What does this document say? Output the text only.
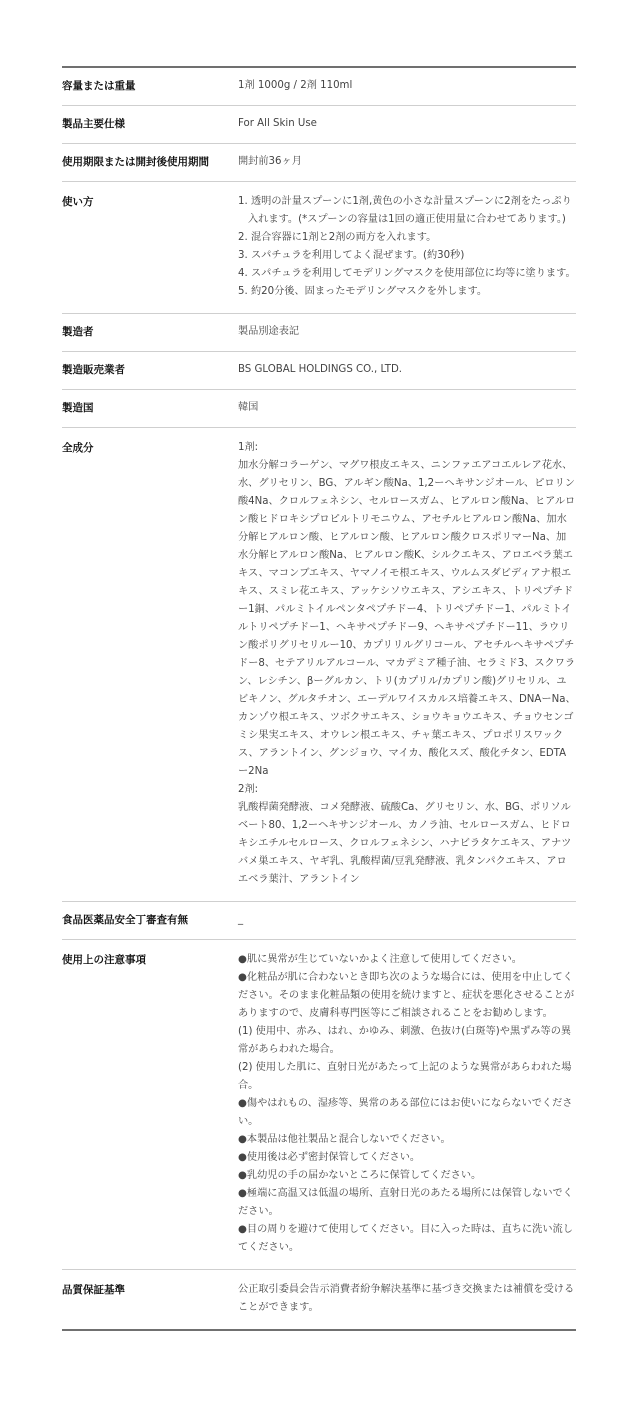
容量または重量	1剤 1000g / 2剤 110ml
製品主要仕様	For All Skin Use
使用期限または開封後使用期間	開封前36ヶ月
使い方	1. 透明の計量スプーンに1剤,黄色の小さな計量スプーンに2剤をたっぷり入れます。(*スプーンの容量は1回の適正使用量に合わせてあります。)
2. 混合容器に1剤と2剤の両方を入れます。
3. スパチュラを利用してよく混ぜます。(約30秒)
4. スパチュラを利用してモデリングマスクを使用部位に均等に塗ります。
5. 約20分後、固まったモデリングマスクを外します。
製造者	製品別途表記
製造販売業者	BS GLOBAL HOLDINGS CO., LTD.
製造国	韓国
全成分	1剤:

加水分解コラーゲン、マグワ根皮エキス、ニンファエアコエルレア花水、水、グリセリン、BG、アルギン酸Na、1,2ーヘキサンジオール、ピロリン酸4Na、クロルフェネシン、セルロースガム、ヒアルロン酸Na、ヒアルロン酸ヒドロキシプロピルトリモニウム、アセチルヒアルロン酸Na、加水分解ヒアルロン酸、ヒアルロン酸、ヒアルロン酸クロスポリマーNa、加水分解ヒアルロン酸Na、ヒアルロン酸K、シルクエキス、アロエベラ葉エキス、マコンブエキス、ヤマノイモ根エキス、ウルムスダビディアナ根エキス、スミレ花エキス、アッケシソウエキス、アシエキス、トリペプチドー1銅、パルミトイルペンタペプチドー4、トリペプチドー1、パルミトイルトリペプチドー1、ヘキサペプチドー9、ヘキサペプチドー11、ラウリン酸ポリグリセリルー10、カプリリルグリコール、アセチルヘキサペプチドー8、セテアリルアルコール、マカデミア種子油、セラミド3、スクワラン、レシチン、βーグルカン、トリ(カプリル/カプリン酸)グリセリル、ユビキノン、グルタチオン、エーデルワイスカルス培養エキス、DNAーNa、カンゾウ根エキス、ツボクサエキス、ショウキョウエキス、チョウセンゴミシ果実エキス、オウレン根エキス、チャ葉エキス、プロポリスワックス、アラントイン、グンジョウ、マイカ、酸化スズ、酸化チタン、EDTAー2Na

2剤:

乳酸桿菌発酵液、コメ発酵液、硫酸Ca、グリセリン、水、BG、ポリソルベート80、1,2ーヘキサンジオール、カノラ油、セルロースガム、ヒドロキシエチルセルロース、クロルフェネシン、ハナビラタケエキス、アナツバメ巣エキス、ヤギ乳、乳酸桿菌/豆乳発酵液、乳タンパクエキス、アロエベラ葉汁、アラントイン

食品医薬品安全丁審査有無	_
使用上の注意事項	●肌に異常が生じていないかよく注意して使用してください。

●化粧品が肌に合わないとき即ち次のような場合には、使用を中止してください。そのまま化粧品類の使用を続けますと、症状を悪化させることがありますので、皮膚科専門医等にご相談されることをお勧めします。

(1) 使用中、赤み、はれ、かゆみ、刺激、色抜け(白斑等)や黒ずみ等の異常があらわれた場合。

(2) 使用した肌に、直射日光があたって上記のような異常があらわれた場合。

●傷やはれもの、湿疹等、異常のある部位にはお使いにならないでください。

●本製品は他社製品と混合しないでください。

●使用後は必ず密封保管してください。

●乳幼児の手の届かないところに保管してください。

●極端に高温又は低温の場所、直射日光のあたる場所には保管しないでください。

●目の周りを避けて使用してください。目に入った時は、直ちに洗い流してください。

品質保証基準	公正取引委員会告示消費者紛争解決基準に基づき交換または補償を受けることができます。
